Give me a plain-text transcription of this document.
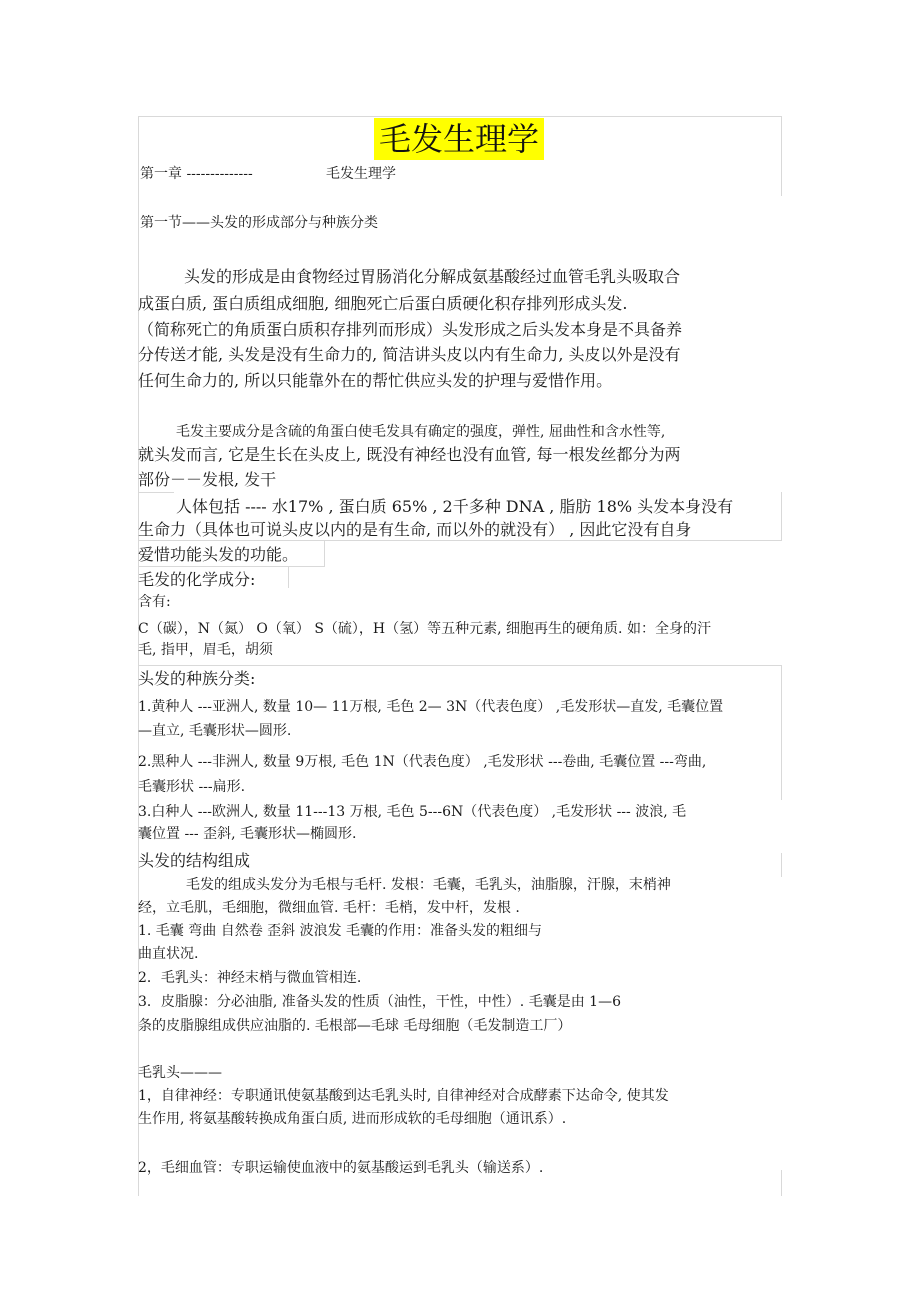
毛发生理学
第一章 --------------	毛发生理学
第一节——头发的形成部分与种族分类
头发的形成是由食物经过胃肠消化分解成氨基酸经过血管毛乳头吸取合
成蛋白质, 蛋白质组成细胞, 细胞死亡后蛋白质硬化积存排列形成头发.
（简称死亡的角质蛋白质积存排列而形成）头发形成之后头发本身是不具备养
分传送才能, 头发是没有生命力的, 简洁讲头皮以内有生命力, 头皮以外是没有
任何生命力的, 所以只能靠外在的帮忙供应头发的护理与爱惜作用。
毛发主要成分是含硫的角蛋白使毛发具有确定的强度，弹性, 屈曲性和含水性等,
就头发而言, 它是生长在头皮上, 既没有神经也没有血管, 每一根发丝都分为两
部份－－发根, 发干
人体包括 ---- 水17% , 蛋白质 65% , 2千多种 DNA , 脂肪 18% 头发本身没有
生命力（具体也可说头皮以内的是有生命, 而以外的就没有） , 因此它没有自身
爱惜功能头发的功能。
毛发的化学成分:
含有:
C（碳），N（氮） O（氧） S（硫），H（氢）等五种元素, 细胞再生的硬角质. 如：全身的汗
毛, 指甲，眉毛，胡须
头发的种族分类:
1.黄种人 ---亚洲人, 数量 10— 11万根, 毛色 2— 3N（代表色度） ,毛发形状—直发, 毛囊位置
—直立, 毛囊形状—圆形.
2.黑种人 ---非洲人, 数量 9万根, 毛色 1N（代表色度） ,毛发形状 ---卷曲, 毛囊位置 ---弯曲,
毛囊形状 ---扁形.
3.白种人 ---欧洲人, 数量 11---13 万根, 毛色 5---6N（代表色度） ,毛发形状 --- 波浪, 毛
囊位置 --- 歪斜, 毛囊形状—椭圆形.
头发的结构组成
毛发的组成头发分为毛根与毛杆. 发根：毛囊，毛乳头，油脂腺，汗腺，末梢神
经，立毛肌，毛细胞，微细血管. 毛杆：毛梢，发中杆，发根 .
1. 毛囊 弯曲 自然卷 歪斜 波浪发 毛囊的作用：准备头发的粗细与
曲直状况.
2．毛乳头：神经末梢与微血管相连.
3．皮脂腺：分必油脂, 准备头发的性质（油性，干性，中性）. 毛囊是由 1—6
条的皮脂腺组成供应油脂的. 毛根部—毛球 毛母细胞（毛发制造工厂）
毛乳头———
1，自律神经：专职通讯使氨基酸到达毛乳头时, 自律神经对合成酵素下达命令, 使其发
生作用, 将氨基酸转换成角蛋白质, 进而形成软的毛母细胞（通讯系）.
2，毛细血管：专职运输使血液中的氨基酸运到毛乳头（输送系）.
